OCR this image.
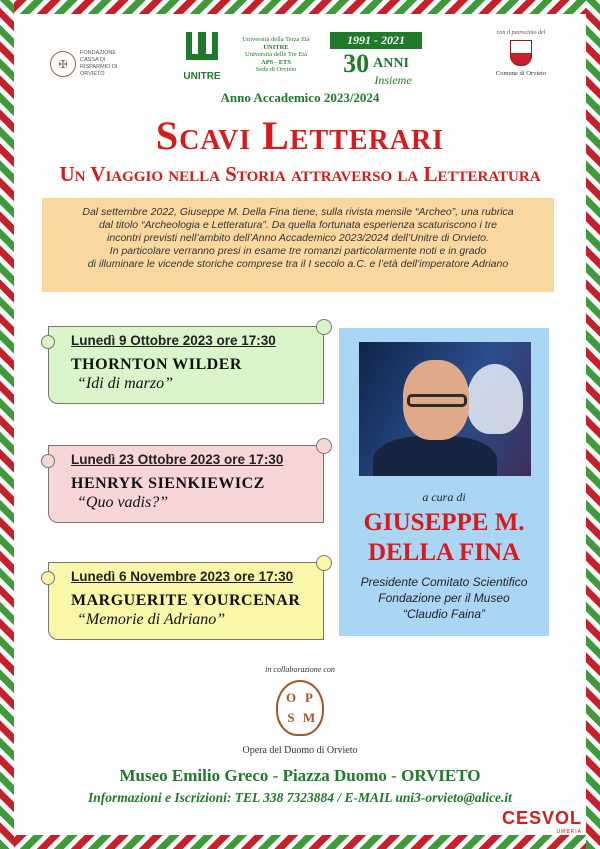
✠
FONDAZIONE CASSA DI RISPARMIO DI ORVIETO	UNITRE
Università della Terza Età
UNITRE
Università delle Tre Età
APS - ETS
Sede di Orvieto
1991 - 2021
30 ANNI
Insieme
con il patrocinio del
Comune di Orvieto
Anno Accademico 2023/2024
Scavi Letterari
Un Viaggio nella Storia attraverso la Letteratura

Dal settembre 2022, Giuseppe M. Della Fina tiene, sulla rivista mensile “Archeo”, una rubrica

dal titolo “Archeologia e Letteratura”. Da quella fortunata esperienza scaturiscono i tre

incontri previsti nell’ambito dell’Anno Accademico 2023/2024 dell’Unitre di Orvieto.

In particolare verranno presi in esame tre romanzi particolarmente noti e in grado

di illuminare le vicende storiche comprese tra il I secolo a.C. e l’età dell’imperatore Adriano

Lunedì 9 Ottobre 2023 ore 17:30
THORNTON WILDER
“Idi di marzo”
Lunedì 23 Ottobre 2023 ore 17:30
HENRYK SIENKIEWICZ
“Quo vadis?”
Lunedì 6 Novembre 2023 ore 17:30
MARGUERITE YOURCENAR
“Memorie di Adriano”
a cura di
GIUSEPPE M.
DELLA FINA
Presidente Comitato Scientifico
Fondazione per il Museo
“Claudio Faina”
in collaborazione con
O P
S M
Opera del Duomo di Orvieto
Museo Emilio Greco - Piazza Duomo - ORVIETO
Informazioni e Iscrizioni: TEL 338 7323884 / E-MAIL uni3-orvieto@alice.it
CESVOL
UMBRIA
